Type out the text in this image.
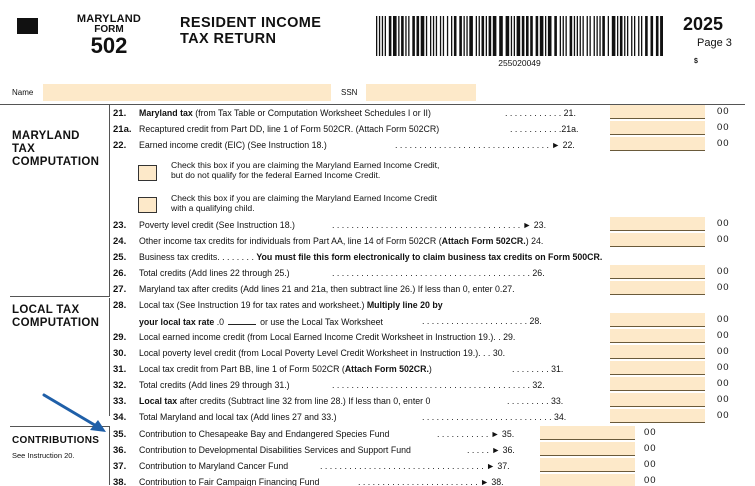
MARYLAND
FORM
502
RESIDENT INCOME
TAX RETURN
255020049
2025
Page 3
$
Name	SSN
MARYLAND
TAX
COMPUTATION
LOCAL TAX
COMPUTATION
CONTRIBUTIONS
See Instruction 20.
21. Maryland tax (from Tax Table or Computation Worksheet Schedules I or II)	. . . . . . . . . . . . 21.	00
21a. Recaptured credit from Part DD, line 1 of Form 502CR. (Attach Form 502CR)	. . . . . . . . . . .21a.	00
22. Earned income credit (EIC) (See Instruction 18.)	. . . . . . . . . . . . . . . . . . . . . . . . . . . . . . . . ► 22.	00
Check this box if you are claiming the Maryland Earned Income Credit,
but do not qualify for the federal Earned Income Credit.
Check this box if you are claiming the Maryland Earned Income Credit
with a qualifying child.
23. Poverty level credit (See Instruction 18.)	. . . . . . . . . . . . . . . . . . . . . . . . . . . . . . . . . . . . . . . ► 23.	00
24. Other income tax credits for individuals from Part AA, line 14 of Form 502CR (Attach Form 502CR.) 24.	00
25. Business tax credits. . . . . . . . You must file this form electronically to claim business tax credits on Form 500CR.
26. Total credits (Add lines 22 through 25.)	. . . . . . . . . . . . . . . . . . . . . . . . . . . . . . . . . . . . . . . . . 26.	00
27. Maryland tax after credits (Add lines 21 and 21a, then subtract line 26.) If less than 0, enter 0.27.	00
28. Local tax (See Instruction 19 for tax rates and worksheet.) Multiply line 20 by
your local tax rate .0	or use the Local Tax Worksheet	. . . . . . . . . . . . . . . . . . . . . . 28.	00
29. Local earned income credit (from Local Earned Income Credit Worksheet in Instruction 19.). . 29.	00
30. Local poverty level credit (from Local Poverty Level Credit Worksheet in Instruction 19.). . . 30.	00
31. Local tax credit from Part BB, line 1 of Form 502CR (Attach Form 502CR.)	. . . . . . . . 31.	00
32. Total credits (Add lines 29 through 31.)	. . . . . . . . . . . . . . . . . . . . . . . . . . . . . . . . . . . . . . . . . 32.	00
33. Local tax after credits (Subtract line 32 from line 28.) If less than 0, enter 0	. . . . . . . . . 33.	00
34. Total Maryland and local tax (Add lines 27 and 33.)	. . . . . . . . . . . . . . . . . . . . . . . . . . . 34.	00
35. Contribution to Chesapeake Bay and Endangered Species Fund	. . . . . . . . . . . ► 35.	00
36. Contribution to Developmental Disabilities Services and Support Fund	. . . . . ► 36.	00
37. Contribution to Maryland Cancer Fund	. . . . . . . . . . . . . . . . . . . . . . . . . . . . . . . . . . ► 37.	00
38. Contribution to Fair Campaign Financing Fund	. . . . . . . . . . . . . . . . . . . . . . . . . ► 38.	00
